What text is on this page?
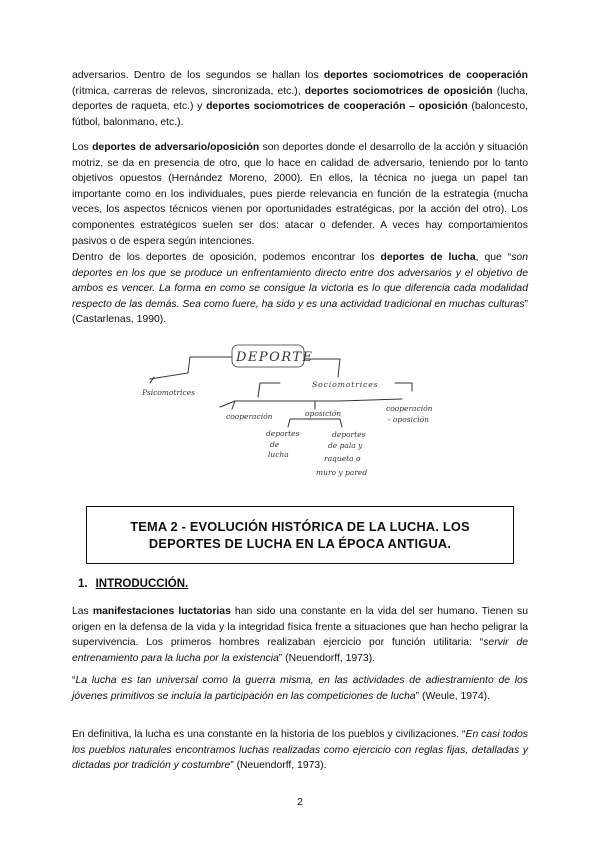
adversarios. Dentro de los segundos se hallan los deportes sociomotrices de cooperación (rítmica, carreras de relevos, sincronizada, etc.), deportes sociomotrices de oposición (lucha, deportes de raqueta, etc.) y deportes sociomotrices de cooperación – oposición (baloncesto, fútbol, balonmano, etc.).

Los deportes de adversario/oposición son deportes donde el desarrollo de la acción y situación motriz, se da en presencia de otro, que lo hace en calidad de adversario, teniendo por lo tanto objetivos opuestos (Hernández Moreno, 2000). En ellos, la técnica no juega un papel tan importante como en los individuales, pues pierde relevancia en función de la estrategia (mucha veces, los aspectos técnicos vienen por oportunidades estratégicas, por la acción del otro). Los componentes estratégicos suelen ser dos: atacar o defender. A veces hay comportamientos pasivos o de espera según intenciones.

Dentro de los deportes de oposición, podemos encontrar los deportes de lucha, que “son deportes en los que se produce un enfrentamiento directo entre dos adversarios y el objetivo de ambos es vencer. La forma en como se consigue la victoria es lo que diferencia cada modalidad respecto de las demás. Sea como fuere, ha sido y es una actividad tradicional en muchas culturas” (Castarlenas, 1990).

DEPORTE
Psicomotrices
Sociomotrices
cooperación	oposición
cooperación
- oposición
deportes
de
lucha
deportes
de pala y
raqueta o
muro y pared
TEMA 2 - EVOLUCIÓN HISTÓRICA DE LA LUCHA. LOS DEPORTES DE LUCHA EN LA ÉPOCA ANTIGUA.
1. INTRODUCCIÓN.

Las manifestaciones luctatorias han sido una constante en la vida del ser humano. Tienen su origen en la defensa de la vida y la integridad física frente a situaciones que han hecho peligrar la supervivencia. Los primeros hombres realizaban ejercicio por función utilitaria: “servir de entrenamiento para la lucha por la existencia” (Neuendorff, 1973).

“La lucha es tan universal como la guerra misma, en las actividades de adiestramiento de los jóvenes primitivos se incluía la participación en las competiciones de lucha” (Weule, 1974).

En definitiva, la lucha es una constante en la historia de los pueblos y civilizaciones. “En casi todos los pueblos naturales encontramos luchas realizadas como ejercicio con reglas fijas, detalladas y dictadas por tradición y costumbre” (Neuendorff, 1973).

2
